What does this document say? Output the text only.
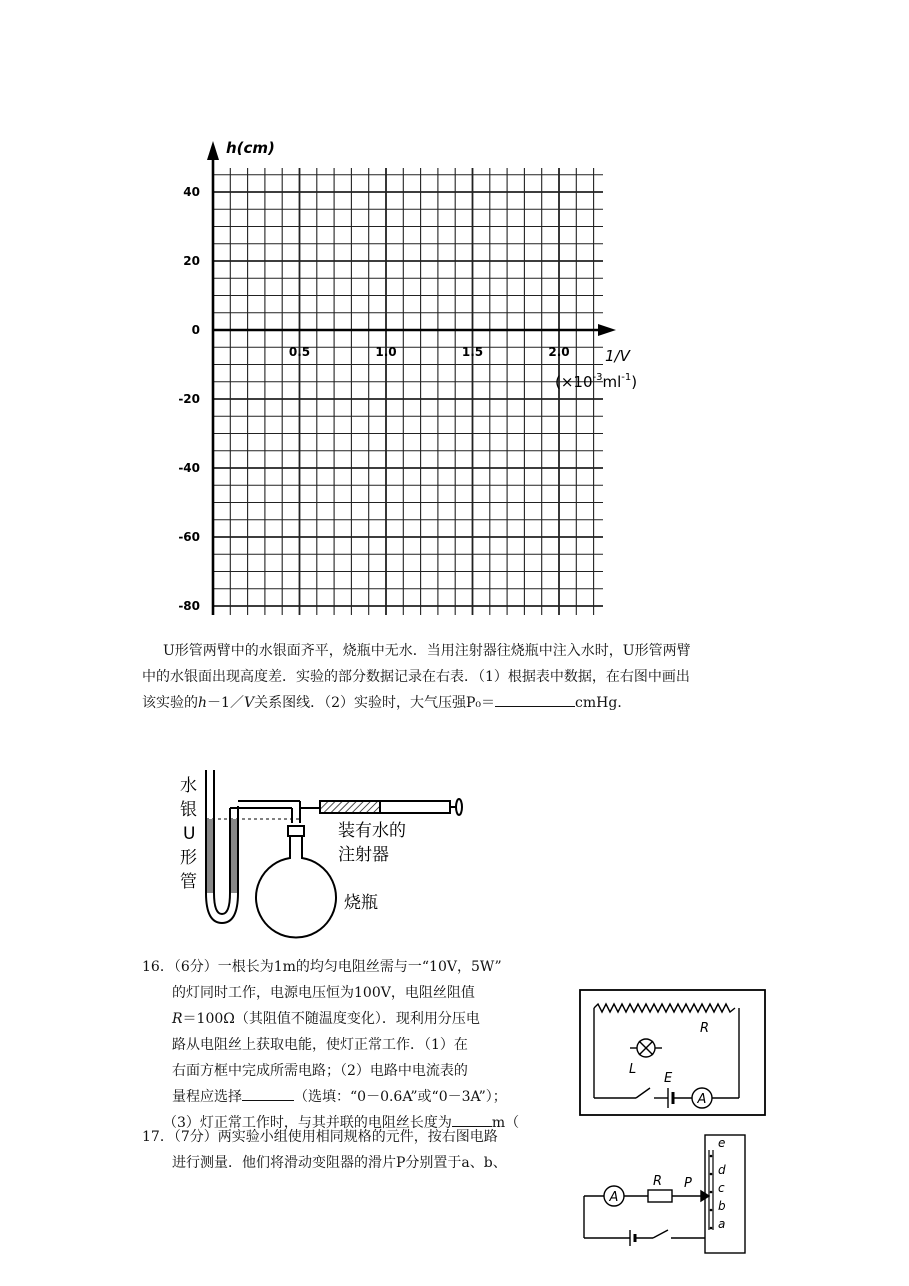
h(cm)
40
20
0
-20
-40
-60
-80
0.5	1.0	1.5	2.0 1/V
$(\times 10^{-3}ml^{-1})$
U形管两臂中的水银面齐平，烧瓶中无水．当用注射器往烧瓶中注入水时，U形管两臂
中的水银面出现高度差．实验的部分数据记录在右表．（1）根据表中数据，在右图中画出
该实验的h－1／V关系图线．（2）实验时，大气压强P₀＝	cmHg．
水
银
U
形
管
烧瓶
装有水的
注射器
16．（6分）一根长为1m的均匀电阻丝需与一“10V，5W”
的灯同时工作，电源电压恒为100V，电阻丝阻值
R＝100Ω（其阻值不随温度变化）．现利用分压电
路从电阻丝上获取电能，使灯正常工作．（1）在
右面方框中完成所需电路；（2）电路中电流表的
量程应选择	（选填：“0－0.6A”或“0－3A”）；
（3）灯正常工作时，与其并联的电阻丝长度为	m（
R
L
E
A
17．（7分）两实验小组使用相同规格的元件，按右图电路
进行测量．他们将滑动变阻器的滑片P分别置于a、b、
A
R P
e
d
c
b
a
